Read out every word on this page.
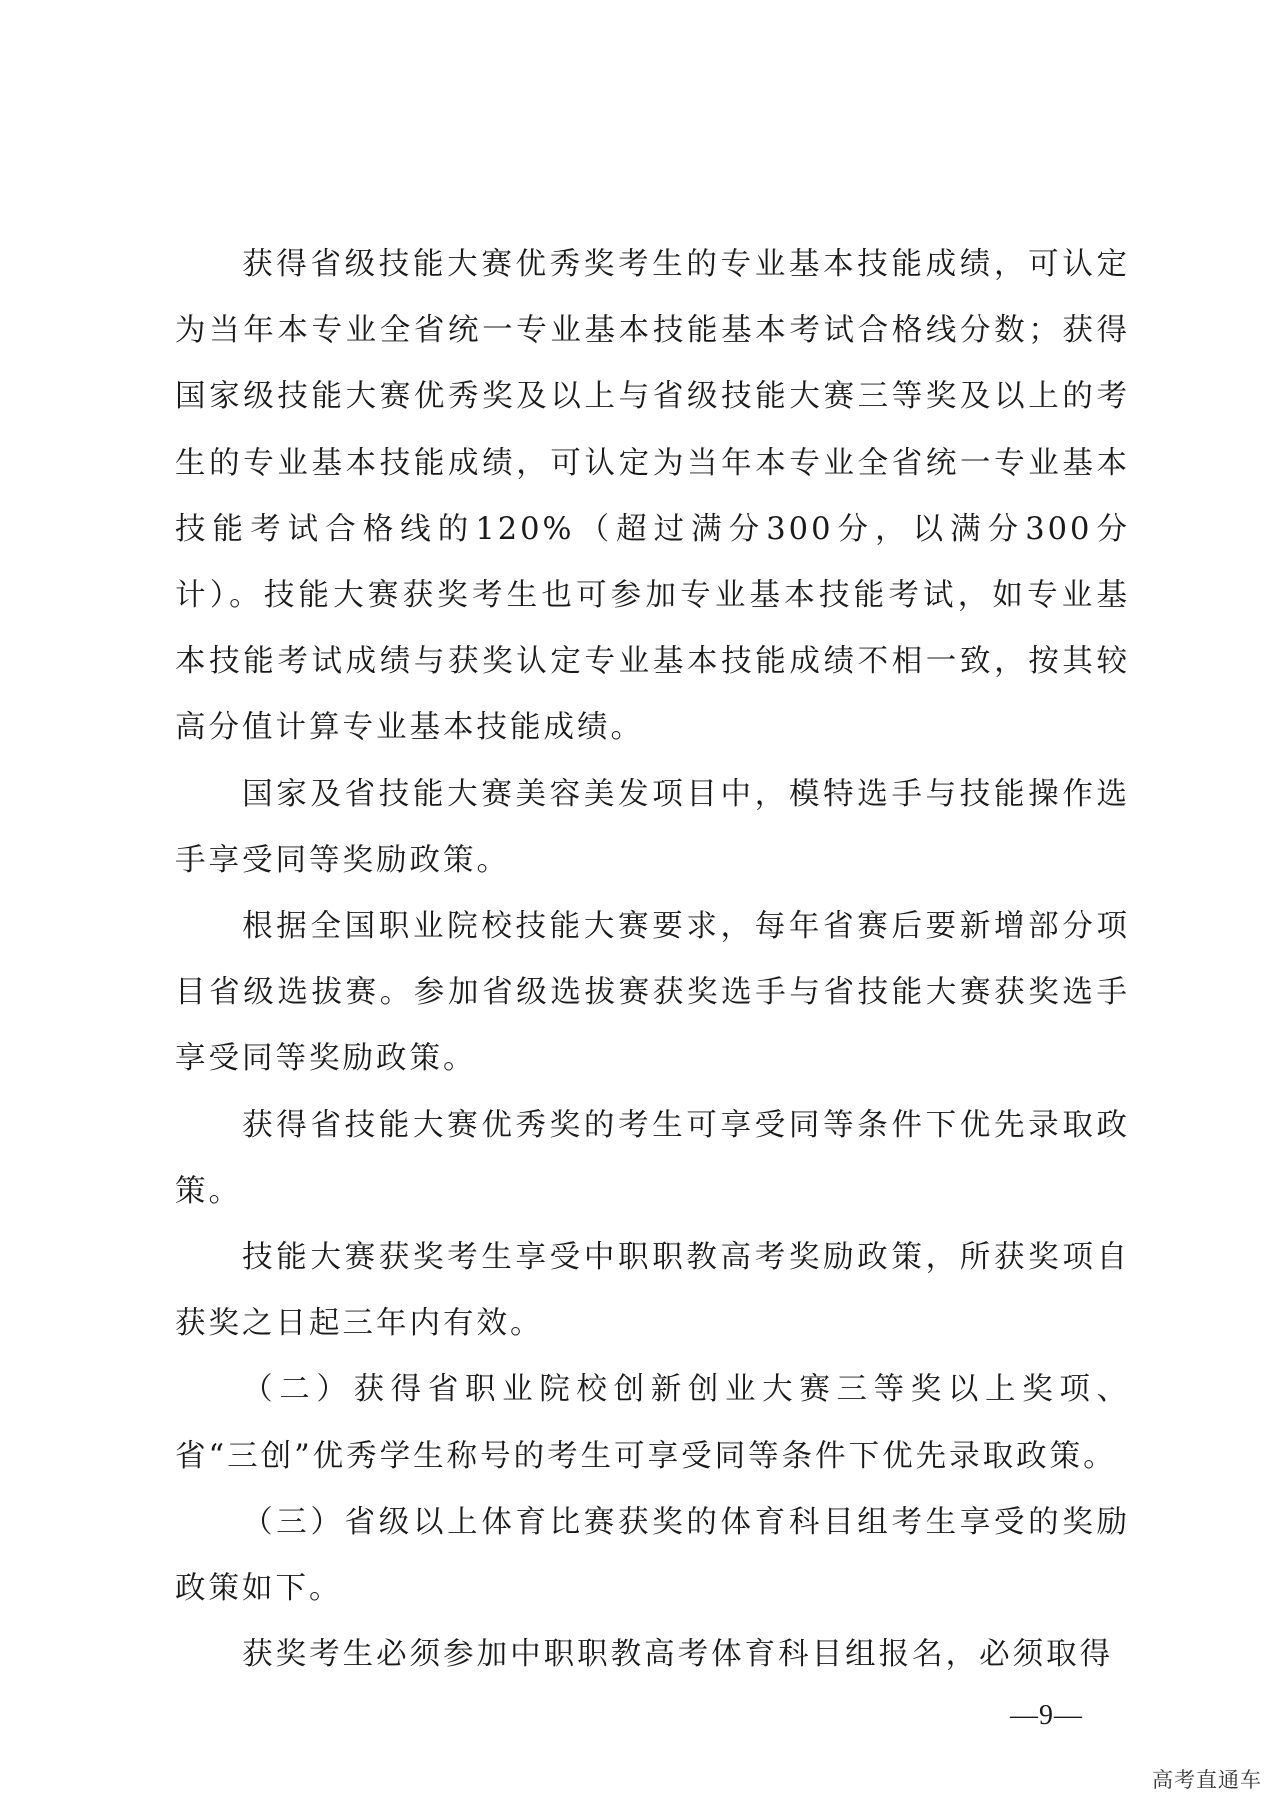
获得省级技能大赛优秀奖考生的专业基本技能成绩，可认定为当年本专业全省统一专业基本技能基本考试合格线分数；获得国家级技能大赛优秀奖及以上与省级技能大赛三等奖及以上的考生的专业基本技能成绩，可认定为当年本专业全省统一专业基本技能考试合格线的120%（超过满分300分，以满分300分计）。技能大赛获奖考生也可参加专业基本技能考试，如专业基本技能考试成绩与获奖认定专业基本技能成绩不相一致，按其较高分值计算专业基本技能成绩。

国家及省技能大赛美容美发项目中，模特选手与技能操作选手享受同等奖励政策。

根据全国职业院校技能大赛要求，每年省赛后要新增部分项目省级选拔赛。参加省级选拔赛获奖选手与省技能大赛获奖选手享受同等奖励政策。

获得省技能大赛优秀奖的考生可享受同等条件下优先录取政策。

技能大赛获奖考生享受中职职教高考奖励政策，所获奖项自获奖之日起三年内有效。

（二）获得省职业院校创新创业大赛三等奖以上奖项、省“三创”优秀学生称号的考生可享受同等条件下优先录取政策。

（三）省级以上体育比赛获奖的体育科目组考生享受的奖励政策如下。

获奖考生必须参加中职职教高考体育科目组报名，必须取得

—9—
高考直通车
